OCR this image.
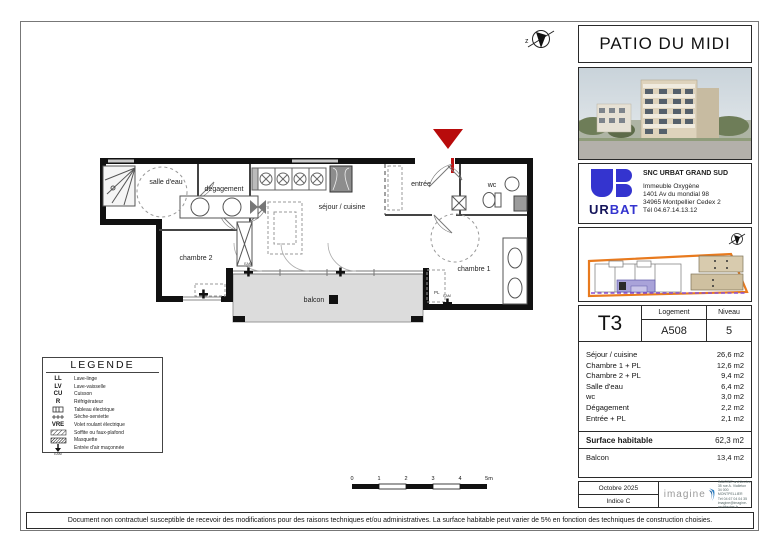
z
EAM
EAM
PL
salle d'eau
dégagement
chambre 2
séjour / cuisine
entrée	wc
chambre 1
balcon
0	1	2	3	4	5m
LEGENDE
LL	Lave-linge
LV	Lave-vaisselle
CU	Cuisson
R	Réfrigérateur
Tableau électrique
Sèche-serviette
VRE	Volet roulant électrique
Soffite ou faux-plafond
Masquette
Entrée d'air maçonnée
EAM
PATIO DU MIDI
URBAT
SNC URBAT GRAND SUD
Immeuble Oxygène
1401 Av du mondial 98
34965 Montpellier Cedex 2
Tél 04.67.14.13.12
T3	Logement
A508
Niveau
5
Séjour / cuisine	26,6 m2
Chambre 1 + PL	12,6 m2
Chambre 2 + PL	9,4 m2
Salle d'eau	6,4 m2
wc	3,0 m2
Dégagement	2,2 m2
Entrée + PL	2,1 m2
Surface habitable	62,3 m2
Balcon	13,4 m2
Octobre 2025
Indice C
imagine
IMAGINE architectes
35 rue A. Vialleton
34 000 MONTPELLIER
Tél 04 67 04 04 35
imagine@imagine-architectes.fr
Document non contractuel susceptible de recevoir des modifications pour des raisons techniques et/ou administratives. La surface habitable peut varier de 5% en fonction des techniques de construction choisies.
